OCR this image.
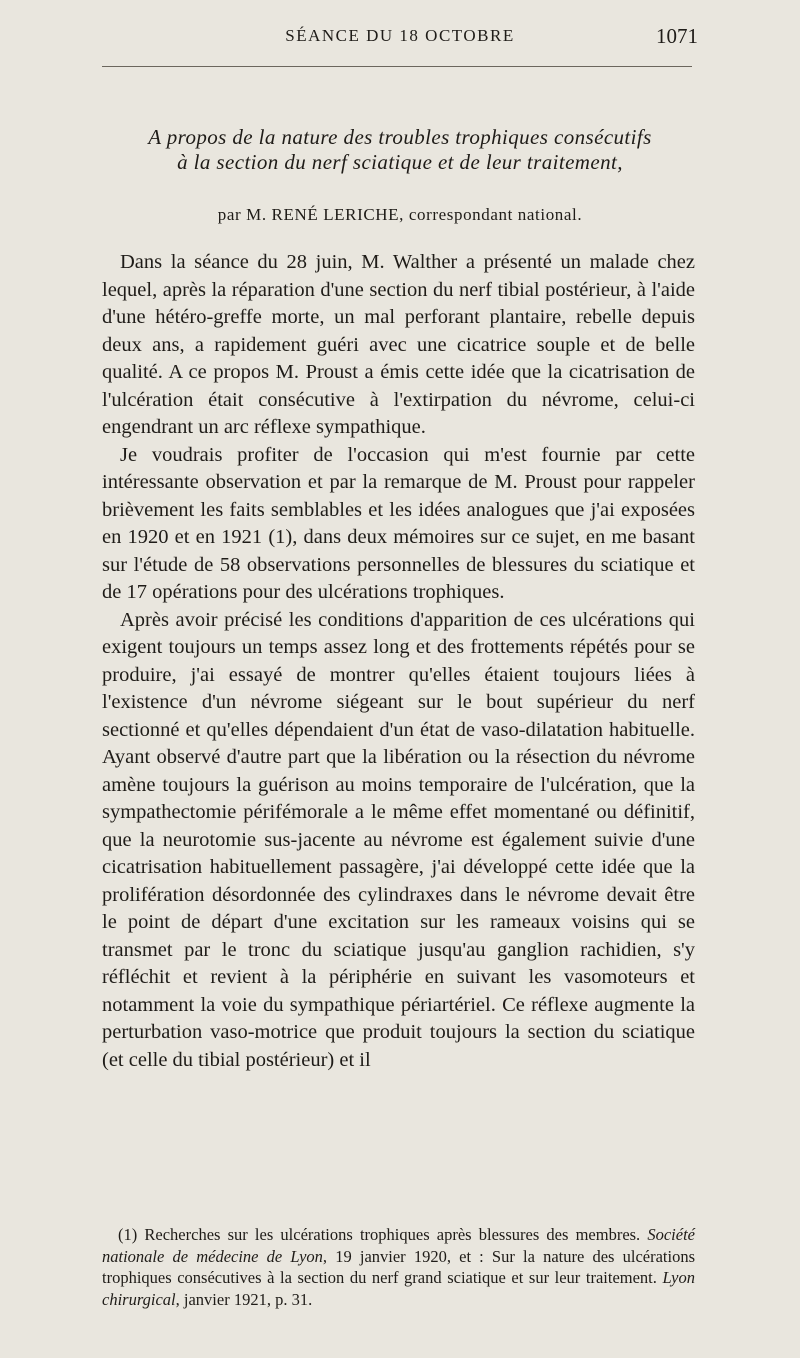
SÉANCE DU 18 OCTOBRE	1071
A propos de la nature des troubles trophiques consécutifs
à la section du nerf sciatique et de leur traitement,
par M. RENÉ LERICHE, correspondant national.

Dans la séance du 28 juin, M. Walther a présenté un malade chez lequel, après la réparation d'une section du nerf tibial postérieur, à l'aide d'une hétéro-greffe morte, un mal perforant plantaire, rebelle depuis deux ans, a rapidement guéri avec une cicatrice souple et de belle qualité. A ce propos M. Proust a émis cette idée que la cicatrisation de l'ulcération était consécutive à l'extirpation du névrome, celui-ci engendrant un arc réflexe sympathique.

Je voudrais profiter de l'occasion qui m'est fournie par cette intéressante observation et par la remarque de M. Proust pour rappeler brièvement les faits semblables et les idées analogues que j'ai exposées en 1920 et en 1921 (1), dans deux mémoires sur ce sujet, en me basant sur l'étude de 58 observations personnelles de blessures du sciatique et de 17 opérations pour des ulcérations trophiques.

Après avoir précisé les conditions d'apparition de ces ulcérations qui exigent toujours un temps assez long et des frottements répétés pour se produire, j'ai essayé de montrer qu'elles étaient toujours liées à l'existence d'un névrome siégeant sur le bout supérieur du nerf sectionné et qu'elles dépendaient d'un état de vaso-dilatation habituelle. Ayant observé d'autre part que la libération ou la résection du névrome amène toujours la guérison au moins temporaire de l'ulcération, que la sympathectomie périfémorale a le même effet momentané ou définitif, que la neurotomie sus-jacente au névrome est également suivie d'une cicatrisation habituellement passagère, j'ai développé cette idée que la prolifération désordonnée des cylindraxes dans le névrome devait être le point de départ d'une excitation sur les rameaux voisins qui se transmet par le tronc du sciatique jusqu'au ganglion rachidien, s'y réfléchit et revient à la périphérie en suivant les vasomoteurs et notamment la voie du sympathique périartériel. Ce réflexe augmente la perturbation vaso-motrice que produit toujours la section du sciatique (et celle du tibial postérieur) et il

(1) Recherches sur les ulcérations trophiques après blessures des membres. Société nationale de médecine de Lyon, 19 janvier 1920, et : Sur la nature des ulcérations trophiques consécutives à la section du nerf grand sciatique et sur leur traitement. Lyon chirurgical, janvier 1921, p. 31.
